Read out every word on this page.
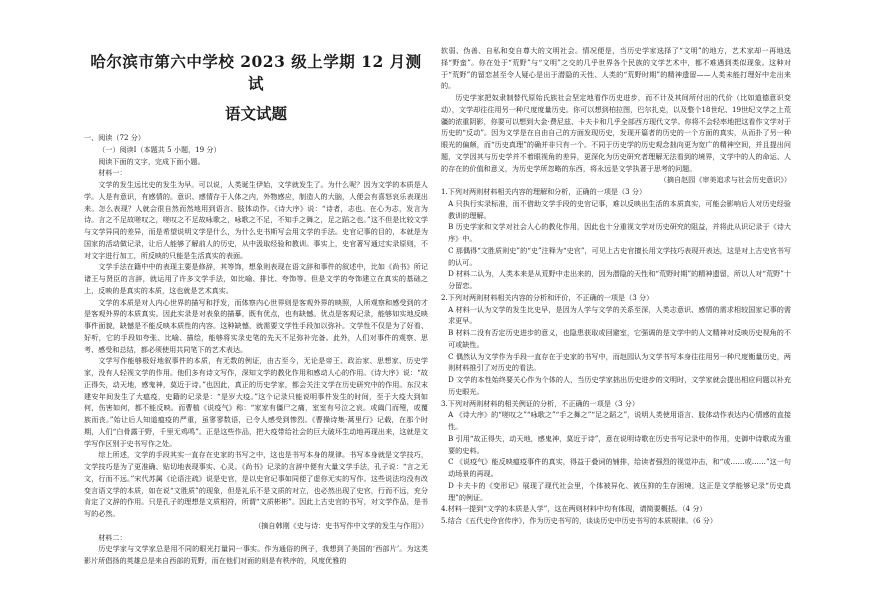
哈尔滨市第六中学校 2023 级上学期 12 月测试
语文试题

一、阅读（72 分）

（一）阅读Ⅰ（本题共 5 小题，19 分）

阅读下面的文字，完成下面小题。

材料一：

文学的发生远比史的发生为早。可以说，人类诞生伊始，文学就发生了。为什么呢？因为文学的本质是人学。人是有意识，有感情的。意识、感情存于人体之内，外物感应，制造人的大脑，人便会有喜怒哀乐表现出来。怎么表现？人就会很自然而然地用到语言、肢体动作。《诗大序》说：“诗者，志也。在心为志，发言为诗。言之不足故嗟叹之，嗟叹之不足故咏歌之，咏歌之不足，不知手之舞之，足之蹈之也。”这不但是比较文学与文学异同的差异，而是希望说明文学是什么，为什么史书斯写会用文学的手法。史官记事的目的，本就是为国家的活动做记录，让后人能够了解前人的历史，从中汲取经验和教训。事实上，史官著写通过实录原则，不对文字进行加工，所反映的只能是生活真实的表面。

文学手法在籍中中的表现主要是修辞，其等饰，想象则表现在语文辞和事件的叙述中，比如《尚书》所记诸王与贤臣的言辞，就运用了许多文学手法，如比喻、排比、夸饰等。但是文学的夸饰建立在真实的基础之上，反映的是真实的本质，这也就是艺术真实。

文学的本质是对人内心世界的描写和抒发，而体察内心世界则是客观外界的映照，人所观察和感受到的才是客观外界的本质真实。因此实录是对表象的描摹，既有优点，也有缺憾。优点是客观记录，能够如实地反映事件面貌，缺憾是不能反映本质性的内容。这种缺憾，就需要文学性手段加以弥补。文学性不仅是为了好看、好听，它的手段如夸张、比喻、描绘，能够将实录史笔的先天不足弥补完备。此外，人们对事件的观察、思考、感受和总结，都必须使用共同笔下的艺术表达。

文学写作能够极好地叙事件的本质，有无数的例证，由古至今，无论是帝王、政治家、思想家、历史学家，没有人轻视文学的作用。他们多有诗文写作，深知文学的教化作用和感动人心的作用。《诗大序》说：“故正得失，动天地，感鬼神，莫近于诗。”也因此，真正的历史学家，都会关注文学在历史研究中的作用。东汉末建安年间发生了大瘟疫，史籍的记录是：“是岁大疫。”这个记录只能说明事件发生的时间，至于大疫大到如何，伤害如何，都不能反映。而曹植《说疫气》称：“家家有僵尸之痛，室室有号泣之哀。或阖门而殪，或覆族而丧。”始让后人知道瘟疫的严重，虽寥寥数语，已令人感受到惨烈。《曹操诗集·蒿里行》记载，在那个时期，人们“白骨露于野，千里无鸡鸣”。正是这些作品，把大疫带给社会的巨大破坏生动地再现出来，这就是文学写作区别于史书写作之处。

综上所述，文学的手段其实一直存在史家的书写之中，这也是书写本身的规律。书写本身就是文学技巧，文学技巧是为了更准确、贴切地表现事实、心灵。《尚书》记录的言辞中便有大量文学手法，孔子说：“言之无文，行而不远。”宋代苏属《论语注疏》说是史官，是以史官记事如同便了虚你无实的写作。这些说法均没有改变言语文学的本质，如在说“文胜质”的现象，但是礼乐不是文质的对立，也必然出现了史官，行而不远，充分肯定了文辞的作用。只是孔子的理想是文质相符，所谓“文质彬彬”。因此上古史官的书写，对文学作品，是书写的必然。

（摘自韩刚《史与诗：史书写作中文学的发生与作用》）

材料二：

历史学家与文学家总是用不同的眼光打量同一事实。作为通俗的例子，我想到了美国的‘西部片’。为这类影片所倡扬的英雄总是来自西部的荒野，而在他们对面的则是有秩序的，风度优雅的

软弱、伪善、自私和变自尊大的文明社会。情况便是，当历史学家选择了“文明”的地方，艺术家却一再地选择“野蛮”。你在处于“荒野”与“文明”之交的几乎世界各个民族的文学艺术中，都不难遇到类似现象。这种对于“荒野”的留恋甚至令人疑心是出于潜隐的天性、人类的“荒野时期”的精神遗留——人类未能打理好中走出来的。

历史学家把奴隶制替代原始氏族社会坚定地看作历史进步，而不计及其间所付出的代价（比如道德意识变动），文学却往往用另一种尺度度量历史。你可以想到柏拉图，巴尔扎克，以及整个18世纪、19世纪文学之上荒疆的浓重阴影，你要可以想到大金·费尼兹、卡夫卡和几乎全部西方现代文学。你将不会轻率地把这看作文学对于历史的“反动”。因为文学是在自由自己的方面发现历史，发现开篇者的历史的一个方面的真实，从而扑了另一种眼光的偏颇，而“历史真理”的确并非只有一个。不同于历史学的历史观念拙向更为宽广的精神空间，并且提出问题，文学因其与历史学并不着眼视角的差异，更深化为历史研究者理解无法看到的境界，文学中的人的命运、人的存在的价值和意义，为历史学所忽略的东西，将永远是文学执著于思考的问题。

（摘自赵园《审美追求与社会历史意识》）

1.下列对两则材料相关内容的理解和分析，正确的一项是（3 分）

A 只执行实录标准，而不借助文学手段的史官记事，难以反映出生活的本质真实，可能会影响后人对历史经验教训的理解。

B 历史学家和文学对社会人心的教化作用，因此也十分重视文学对历史研究的阻益，并将此从识记录于《诗大序》中。

C 那偶得“文胜质则史”的“史”注释为“史官”，可见上古史官擅长用文学技巧表现开表达，这是对上古史官书写的认可。

D 材料二认为，人类本来是从荒野中走出来的，因为潜隐的天性和“荒野时期”的精神遗留，所以人对“荒野”十分留恋。

2.下列对两则材料相关内容的分析和评价，不正确的一项是（3 分）

A 材料一认为文学的发生比史早，是因为人学与文学的关系至深，人类志意识、感情的需求相较国家记事的需求更早。

B 材料二没有否定历史进步的意义，也隐患获取或回避室，它强调的是文学中的人文精神对反映历史视角的不可或缺性。

C 偶然认为文学作为手段一直存在于史家的书写中，而赵园认为文学书写本身往往用另一种尺度衡量历史，两则材料推引了对历史的看法。

D 文学的本性始终要关心作为个体的人，当历史学家拙出历史进步的文明时，文学家就会提出相应问题以补充历史眼光。

3.下列对两则材料的相关例证的分析，不正确的一项是（3 分）

A 《诗大序》的“嗟叹之”“咏歌之”“手之舞之”“足之蹈之”，说明人类使用语言、肢体动作表达内心情感的直接性。

B 引用“故正得失，动天地，感鬼神，莫近于诗”，意在说明诗歌在历史书写记录中的作用，史御中诗歌成为重要的史料。

C 《说疫气》能反映瘟疫事件的真实，得益于叠词的铺排，给读者强烈的视觉冲击，和“或……或……”这一句动场景的再现。

D 卡夫卡的《变形记》展现了现代社会里，个体被异化、被压抑的生存困境，这正是文学能够记录“历史真理”的例证。

4.材料一提到“文学的本质是人学”，这在两则材料中均有体现，请简要概括。（4 分）

5.结合《五代史伶官传序》，作为历史书写的，谈谈历史中历史书写的本质规律。（6 分）
